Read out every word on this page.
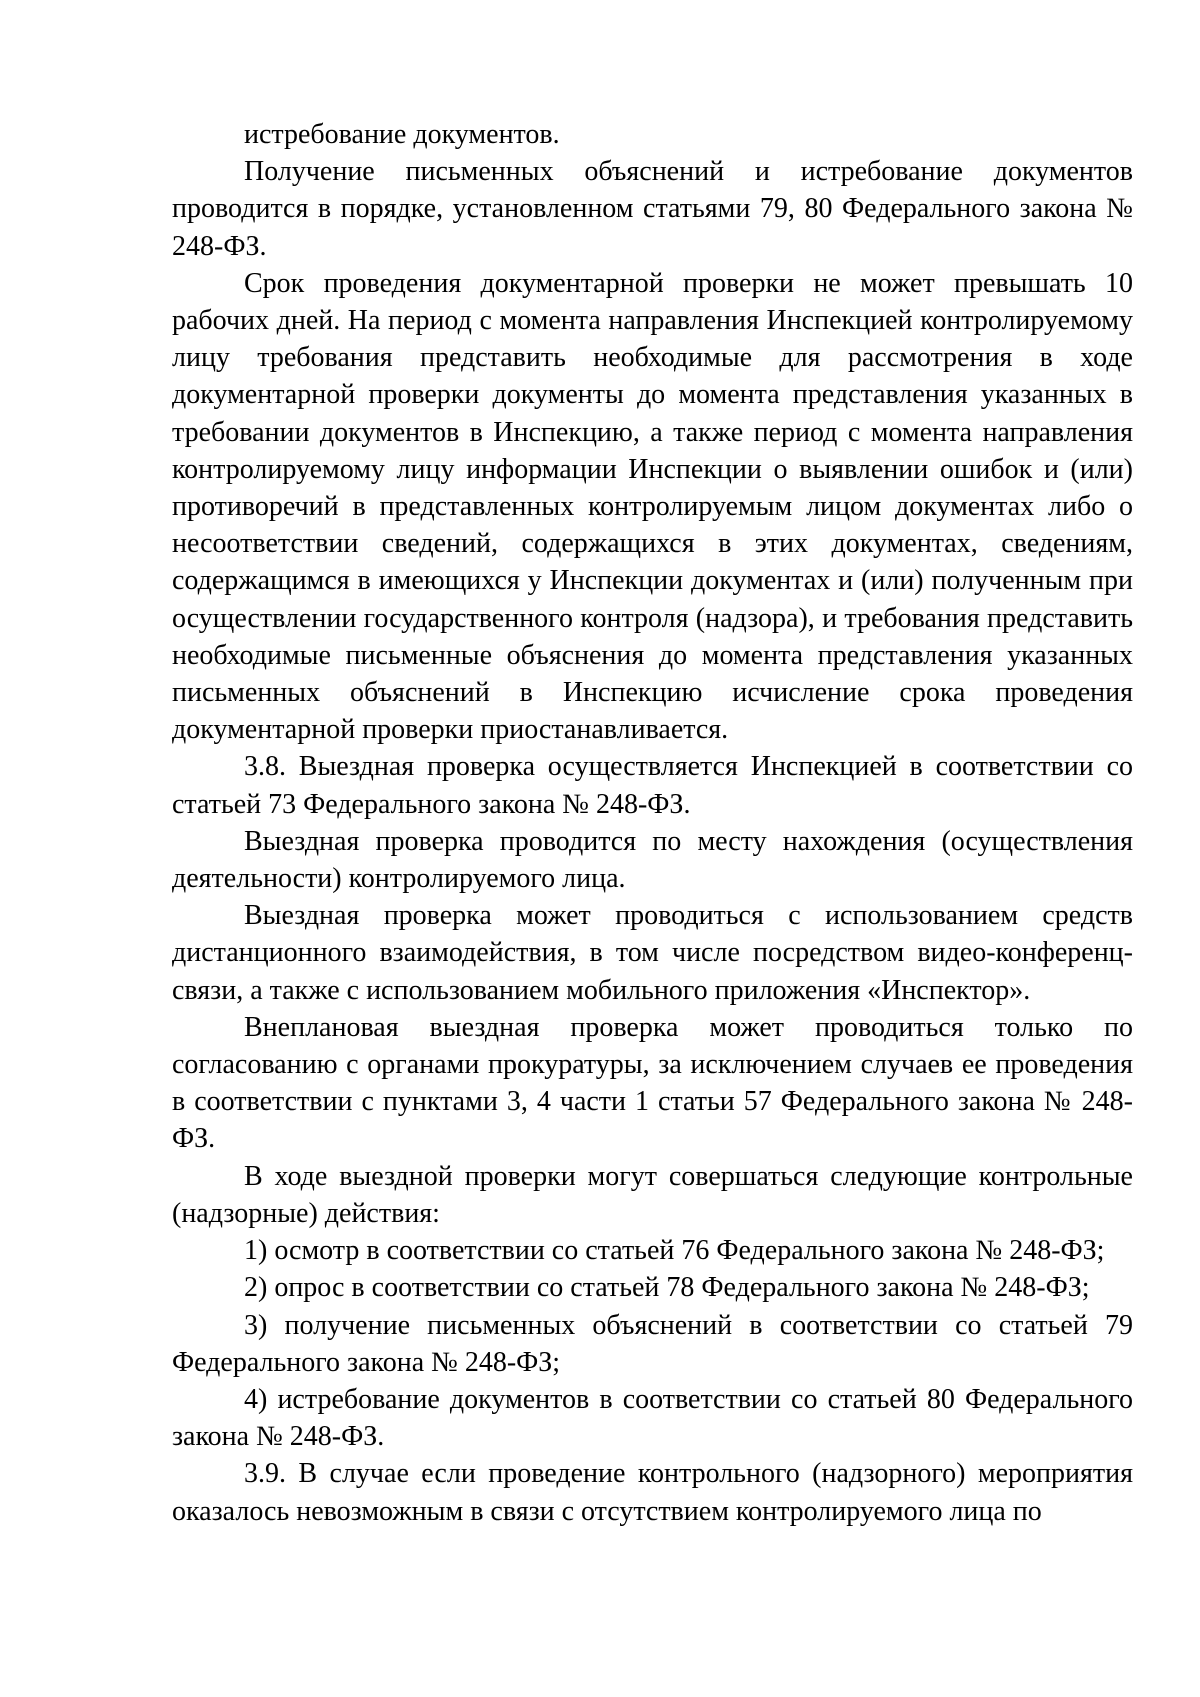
истребование документов.

Получение письменных объяснений и истребование документов проводится в порядке, установленном статьями 79, 80 Федерального закона № 248-ФЗ.

Срок проведения документарной проверки не может превышать 10 рабочих дней. На период с момента направления Инспекцией контролируемому лицу требования представить необходимые для рассмотрения в ходе документарной проверки документы до момента представления указанных в требовании документов в Инспекцию, а также период с момента направления контролируемому лицу информации Инспекции о выявлении ошибок и (или) противоречий в представленных контролируемым лицом документах либо о несоответствии сведений, содержащихся в этих документах, сведениям, содержащимся в имеющихся у Инспекции документах и (или) полученным при осуществлении государственного контроля (надзора), и требования представить необходимые письменные объяснения до момента представления указанных письменных объяснений в Инспекцию исчисление срока проведения документарной проверки приостанавливается.

3.8. Выездная проверка осуществляется Инспекцией в соответствии со статьей 73 Федерального закона № 248-ФЗ.

Выездная проверка проводится по месту нахождения (осуществления деятельности) контролируемого лица.

Выездная проверка может проводиться с использованием средств дистанционного взаимодействия, в том числе посредством видео-конференц-связи, а также с использованием мобильного приложения «Инспектор».

Внеплановая выездная проверка может проводиться только по согласованию с органами прокуратуры, за исключением случаев ее проведения в соответствии с пунктами 3, 4 части 1 статьи 57 Федерального закона № 248-ФЗ.

В ходе выездной проверки могут совершаться следующие контрольные (надзорные) действия:

1) осмотр в соответствии со статьей 76 Федерального закона № 248-ФЗ;

2) опрос в соответствии со статьей 78 Федерального закона № 248-ФЗ;

3) получение письменных объяснений в соответствии со статьей 79 Федерального закона № 248-ФЗ;

4) истребование документов в соответствии со статьей 80 Федерального закона № 248-ФЗ.

3.9. В случае если проведение контрольного (надзорного) мероприятия оказалось невозможным в связи с отсутствием контролируемого лица по
